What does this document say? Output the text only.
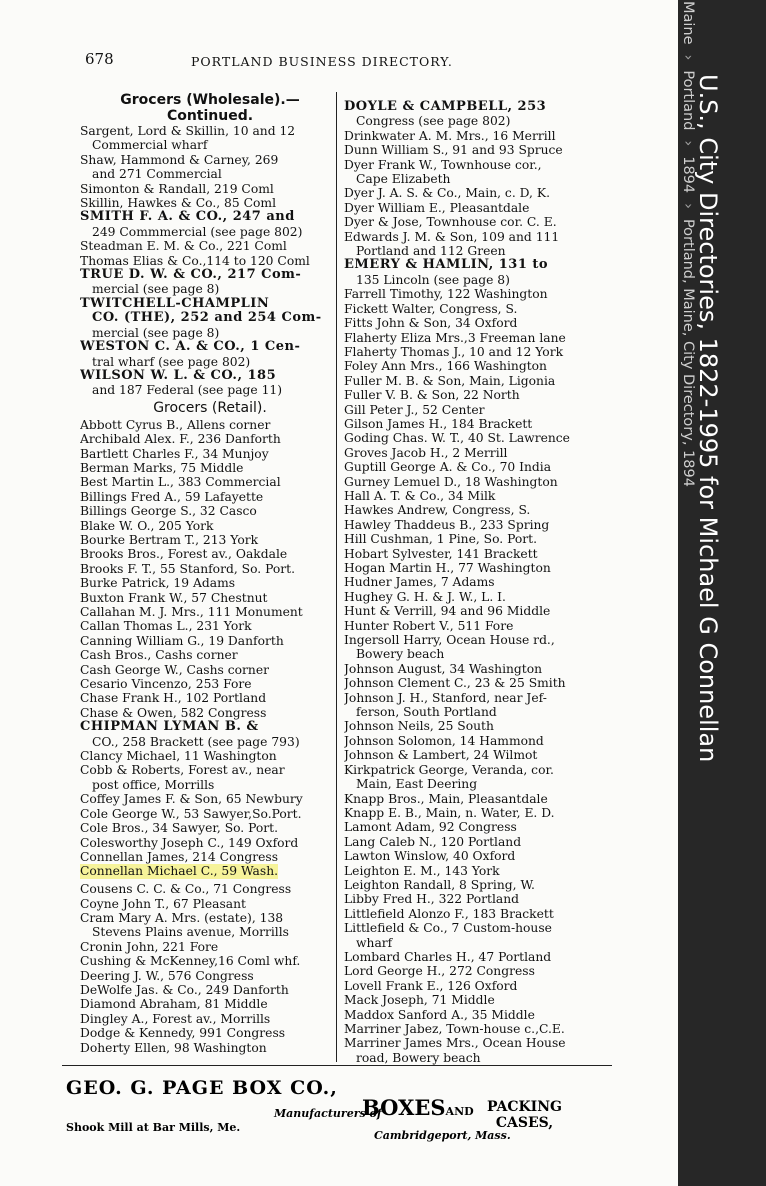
678	PORTLAND BUSINESS DIRECTORY.
Grocers (Wholesale).—
Continued.
Sargent, Lord & Skillin, 10 and 12
Commercial wharf
Shaw, Hammond & Carney, 269
and 271 Commercial
Simonton & Randall, 219 Coml
Skillin, Hawkes & Co., 85 Coml
SMITH F. A. & CO., 247 and
249 Commmercial (see page 802)
Steadman E. M. & Co., 221 Coml
Thomas Elias & Co.,114 to 120 Coml
TRUE D. W. & CO., 217 Com-
mercial (see page 8)
TWITCHELL-CHAMPLIN
CO. (THE), 252 and 254 Com-
mercial (see page 8)
WESTON C. A. & CO., 1 Cen-
tral wharf (see page 802)
WILSON W. L. & CO., 185
and 187 Federal (see page 11)
Grocers (Retail).
Abbott Cyrus B., Allens corner
Archibald Alex. F., 236 Danforth
Bartlett Charles F., 34 Munjoy
Berman Marks, 75 Middle
Best Martin L., 383 Commercial
Billings Fred A., 59 Lafayette
Billings George S., 32 Casco
Blake W. O., 205 York
Bourke Bertram T., 213 York
Brooks Bros., Forest av., Oakdale
Brooks F. T., 55 Stanford, So. Port.
Burke Patrick, 19 Adams
Buxton Frank W., 57 Chestnut
Callahan M. J. Mrs., 111 Monument
Callan Thomas L., 231 York
Canning William G., 19 Danforth
Cash Bros., Cashs corner
Cash George W., Cashs corner
Cesario Vincenzo, 253 Fore
Chase Frank H., 102 Portland
Chase & Owen, 582 Congress
CHIPMAN LYMAN B. &
CO., 258 Brackett (see page 793)
Clancy Michael, 11 Washington
Cobb & Roberts, Forest av., near
post office, Morrills
Coffey James F. & Son, 65 Newbury
Cole George W., 53 Sawyer,So.Port.
Cole Bros., 34 Sawyer, So. Port.
Colesworthy Joseph C., 149 Oxford
Connellan James, 214 Congress
Connellan Michael C., 59 Wash.
Cousens C. C. & Co., 71 Congress
Coyne John T., 67 Pleasant
Cram Mary A. Mrs. (estate), 138
Stevens Plains avenue, Morrills
Cronin John, 221 Fore
Cushing & McKenney,16 Coml whf.
Deering J. W., 576 Congress
DeWolfe Jas. & Co., 249 Danforth
Diamond Abraham, 81 Middle
Dingley A., Forest av., Morrills
Dodge & Kennedy, 991 Congress
Doherty Ellen, 98 Washington
DOYLE & CAMPBELL, 253
Congress (see page 802)
Drinkwater A. M. Mrs., 16 Merrill
Dunn William S., 91 and 93 Spruce
Dyer Frank W., Townhouse cor.,
Cape Elizabeth
Dyer J. A. S. & Co., Main, c. D, K.
Dyer William E., Pleasantdale
Dyer & Jose, Townhouse cor. C. E.
Edwards J. M. & Son, 109 and 111
Portland and 112 Green
EMERY & HAMLIN, 131 to
135 Lincoln (see page 8)
Farrell Timothy, 122 Washington
Fickett Walter, Congress, S.
Fitts John & Son, 34 Oxford
Flaherty Eliza Mrs.,3 Freeman lane
Flaherty Thomas J., 10 and 12 York
Foley Ann Mrs., 166 Washington
Fuller M. B. & Son, Main, Ligonia
Fuller V. B. & Son, 22 North
Gill Peter J., 52 Center
Gilson James H., 184 Brackett
Goding Chas. W. T., 40 St. Lawrence
Groves Jacob H., 2 Merrill
Guptill George A. & Co., 70 India
Gurney Lemuel D., 18 Washington
Hall A. T. & Co., 34 Milk
Hawkes Andrew, Congress, S.
Hawley Thaddeus B., 233 Spring
Hill Cushman, 1 Pine, So. Port.
Hobart Sylvester, 141 Brackett
Hogan Martin H., 77 Washington
Hudner James, 7 Adams
Hughey G. H. & J. W., L. I.
Hunt & Verrill, 94 and 96 Middle
Hunter Robert V., 511 Fore
Ingersoll Harry, Ocean House rd.,
Bowery beach
Johnson August, 34 Washington
Johnson Clement C., 23 & 25 Smith
Johnson J. H., Stanford, near Jef-
ferson, South Portland
Johnson Neils, 25 South
Johnson Solomon, 14 Hammond
Johnson & Lambert, 24 Wilmot
Kirkpatrick George, Veranda, cor.
Main, East Deering
Knapp Bros., Main, Pleasantdale
Knapp E. B., Main, n. Water, E. D.
Lamont Adam, 92 Congress
Lang Caleb N., 120 Portland
Lawton Winslow, 40 Oxford
Leighton E. M., 143 York
Leighton Randall, 8 Spring, W.
Libby Fred H., 322 Portland
Littlefield Alonzo F., 183 Brackett
Littlefield & Co., 7 Custom-house
wharf
Lombard Charles H., 47 Portland
Lord George H., 272 Congress
Lovell Frank E., 126 Oxford
Mack Joseph, 71 Middle
Maddox Sanford A., 35 Middle
Marriner Jabez, Town-house c.,C.E.
Marriner James Mrs., Ocean House
road, Bowery beach
GEO. G. PAGE BOX CO.,
Manufacturers of
Shook Mill at Bar Mills, Me.
BOXESAND PACKING
CASES,
Cambridgeport, Mass.
U.S., City Directories, 1822-1995 for Michael G Connellan
Maine›Portland›1894›Portland, Maine, City Directory, 1894
